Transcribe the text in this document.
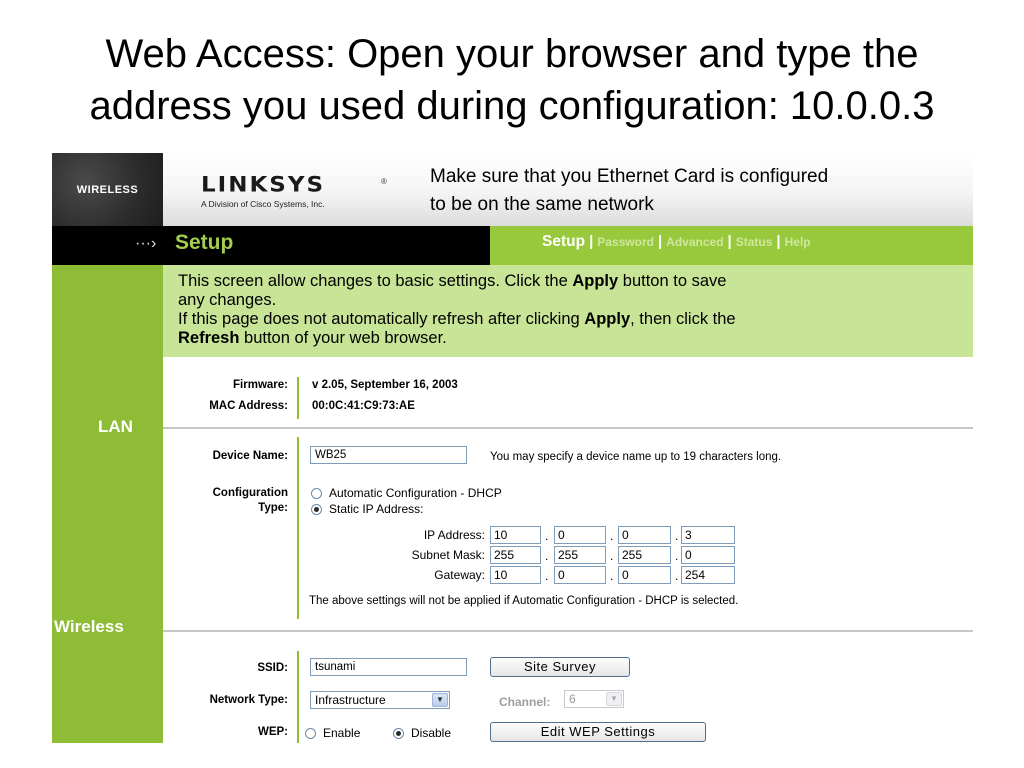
Web Access: Open your browser and type the
address you used during configuration: 10.0.0.3
WIRELESS	LINKSYS	®
A Division of Cisco Systems, Inc.
Make sure that you Ethernet Card is configured
to be on the same network
···› Setup	Setup | Password | Advanced | Status | Help
LAN
Wireless
This screen allow changes to basic settings. Click the Apply button to save
any changes.
If this page does not automatically refresh after clicking Apply, then click the
Refresh button of your web browser.
Firmware: v 2.05, September 16, 2003
MAC Address: 00:0C:41:C9:73:AE
Device Name:	WB25	You may specify a device name up to 19 characters long.
Configuration
Type:
Automatic Configuration - DHCP
Static IP Address:
IP Address: 10	. 0	. 0	. 3
Subnet Mask: 255	. 255	. 255	. 0
Gateway: 10	. 0	. 0	. 254
The above settings will not be applied if Automatic Configuration - DHCP is selected.
SSID:	tsunami	Site Survey
Network Type:	Infrastructure	▼	Channel:	6	▼
WEP:	Enable	Disable	Edit WEP Settings
